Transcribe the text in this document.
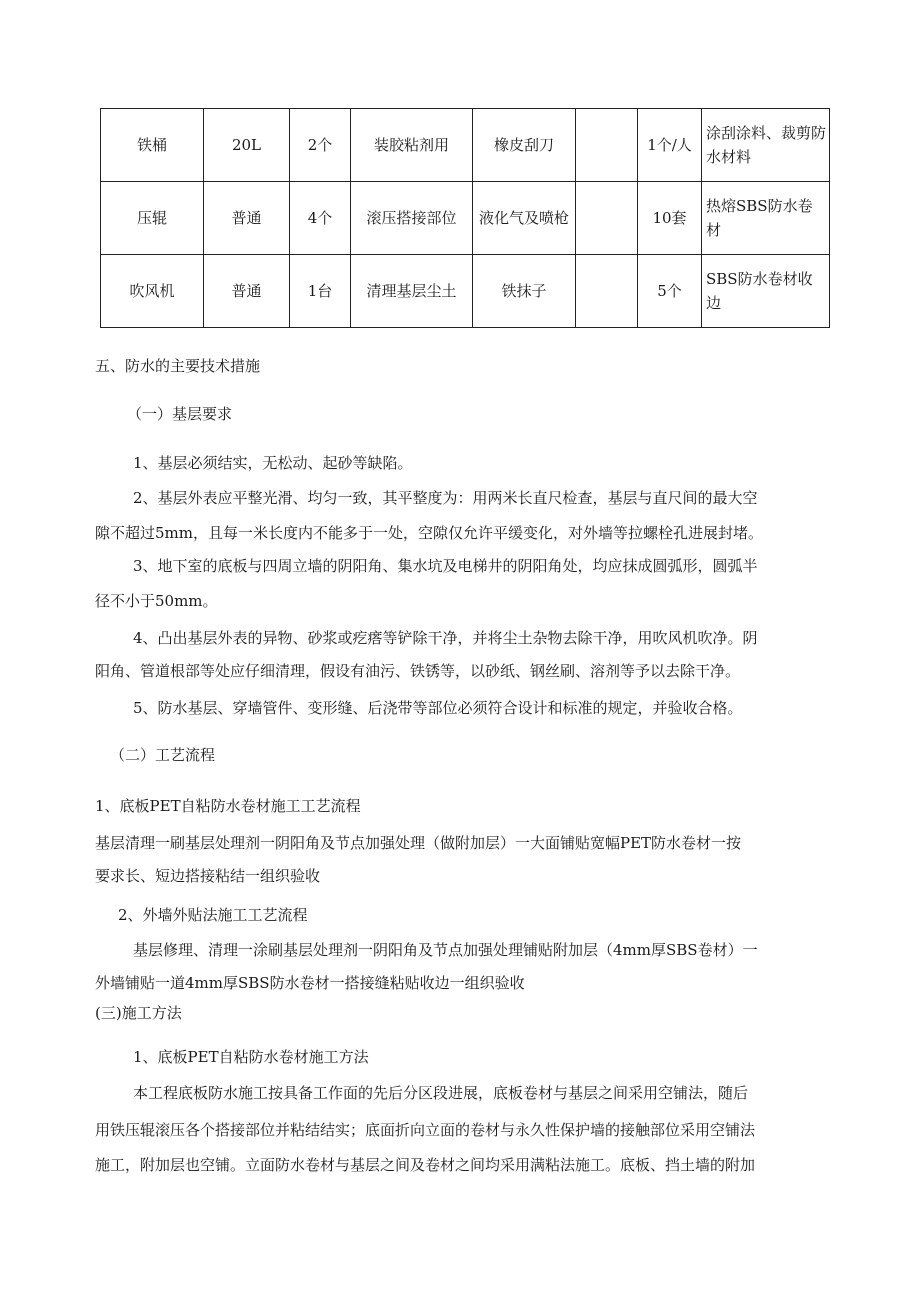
铁桶	20L	2个	装胶粘剂用	橡皮刮刀		1个/人	涂刮涂料、裁剪防水材料
压辊	普通	4个	滚压搭接部位	液化气及喷枪		10套	热熔SBS防水卷材
吹风机	普通	1台	清理基层尘土	铁抹子		5个	SBS防水卷材收边
五、防水的主要技术措施
（一）基层要求
1、基层必须结实，无松动、起砂等缺陷。
2、基层外表应平整光滑、均匀一致，其平整度为：用两米长直尺检查，基层与直尺间的最大空
隙不超过5mm，且每一米长度内不能多于一处，空隙仅允许平缓变化，对外墙等拉螺栓孔进展封堵。
3、地下室的底板与四周立墙的阴阳角、集水坑及电梯井的阴阳角处，均应抹成圆弧形，圆弧半
径不小于50mm。
4、凸出基层外表的异物、砂浆或疙瘩等铲除干净，并将尘土杂物去除干净，用吹风机吹净。阴
阳角、管道根部等处应仔细清理，假设有油污、铁锈等，以砂纸、钢丝刷、溶剂等予以去除干净。
5、防水基层、穿墙管件、变形缝、后浇带等部位必须符合设计和标准的规定，并验收合格。
（二）工艺流程
1、底板PET自粘防水卷材施工工艺流程
基层清理一刷基层处理剂一阴阳角及节点加强处理（做附加层）一大面铺贴宽幅PET防水卷材一按
要求长、短边搭接粘结一组织验收
2、外墙外贴法施工工艺流程
基层修理、清理一涂刷基层处理剂一阴阳角及节点加强处理铺贴附加层（4mm厚SBS卷材）一
外墙铺贴一道4mm厚SBS防水卷材一搭接缝粘贴收边一组织验收
(三)施工方法
1、底板PET自粘防水卷材施工方法
本工程底板防水施工按具备工作面的先后分区段进展，底板卷材与基层之间采用空铺法，随后
用铁压辊滚压各个搭接部位并粘结结实；底面折向立面的卷材与永久性保护墙的接触部位采用空铺法
施工，附加层也空铺。立面防水卷材与基层之间及卷材之间均采用满粘法施工。底板、挡土墙的附加
